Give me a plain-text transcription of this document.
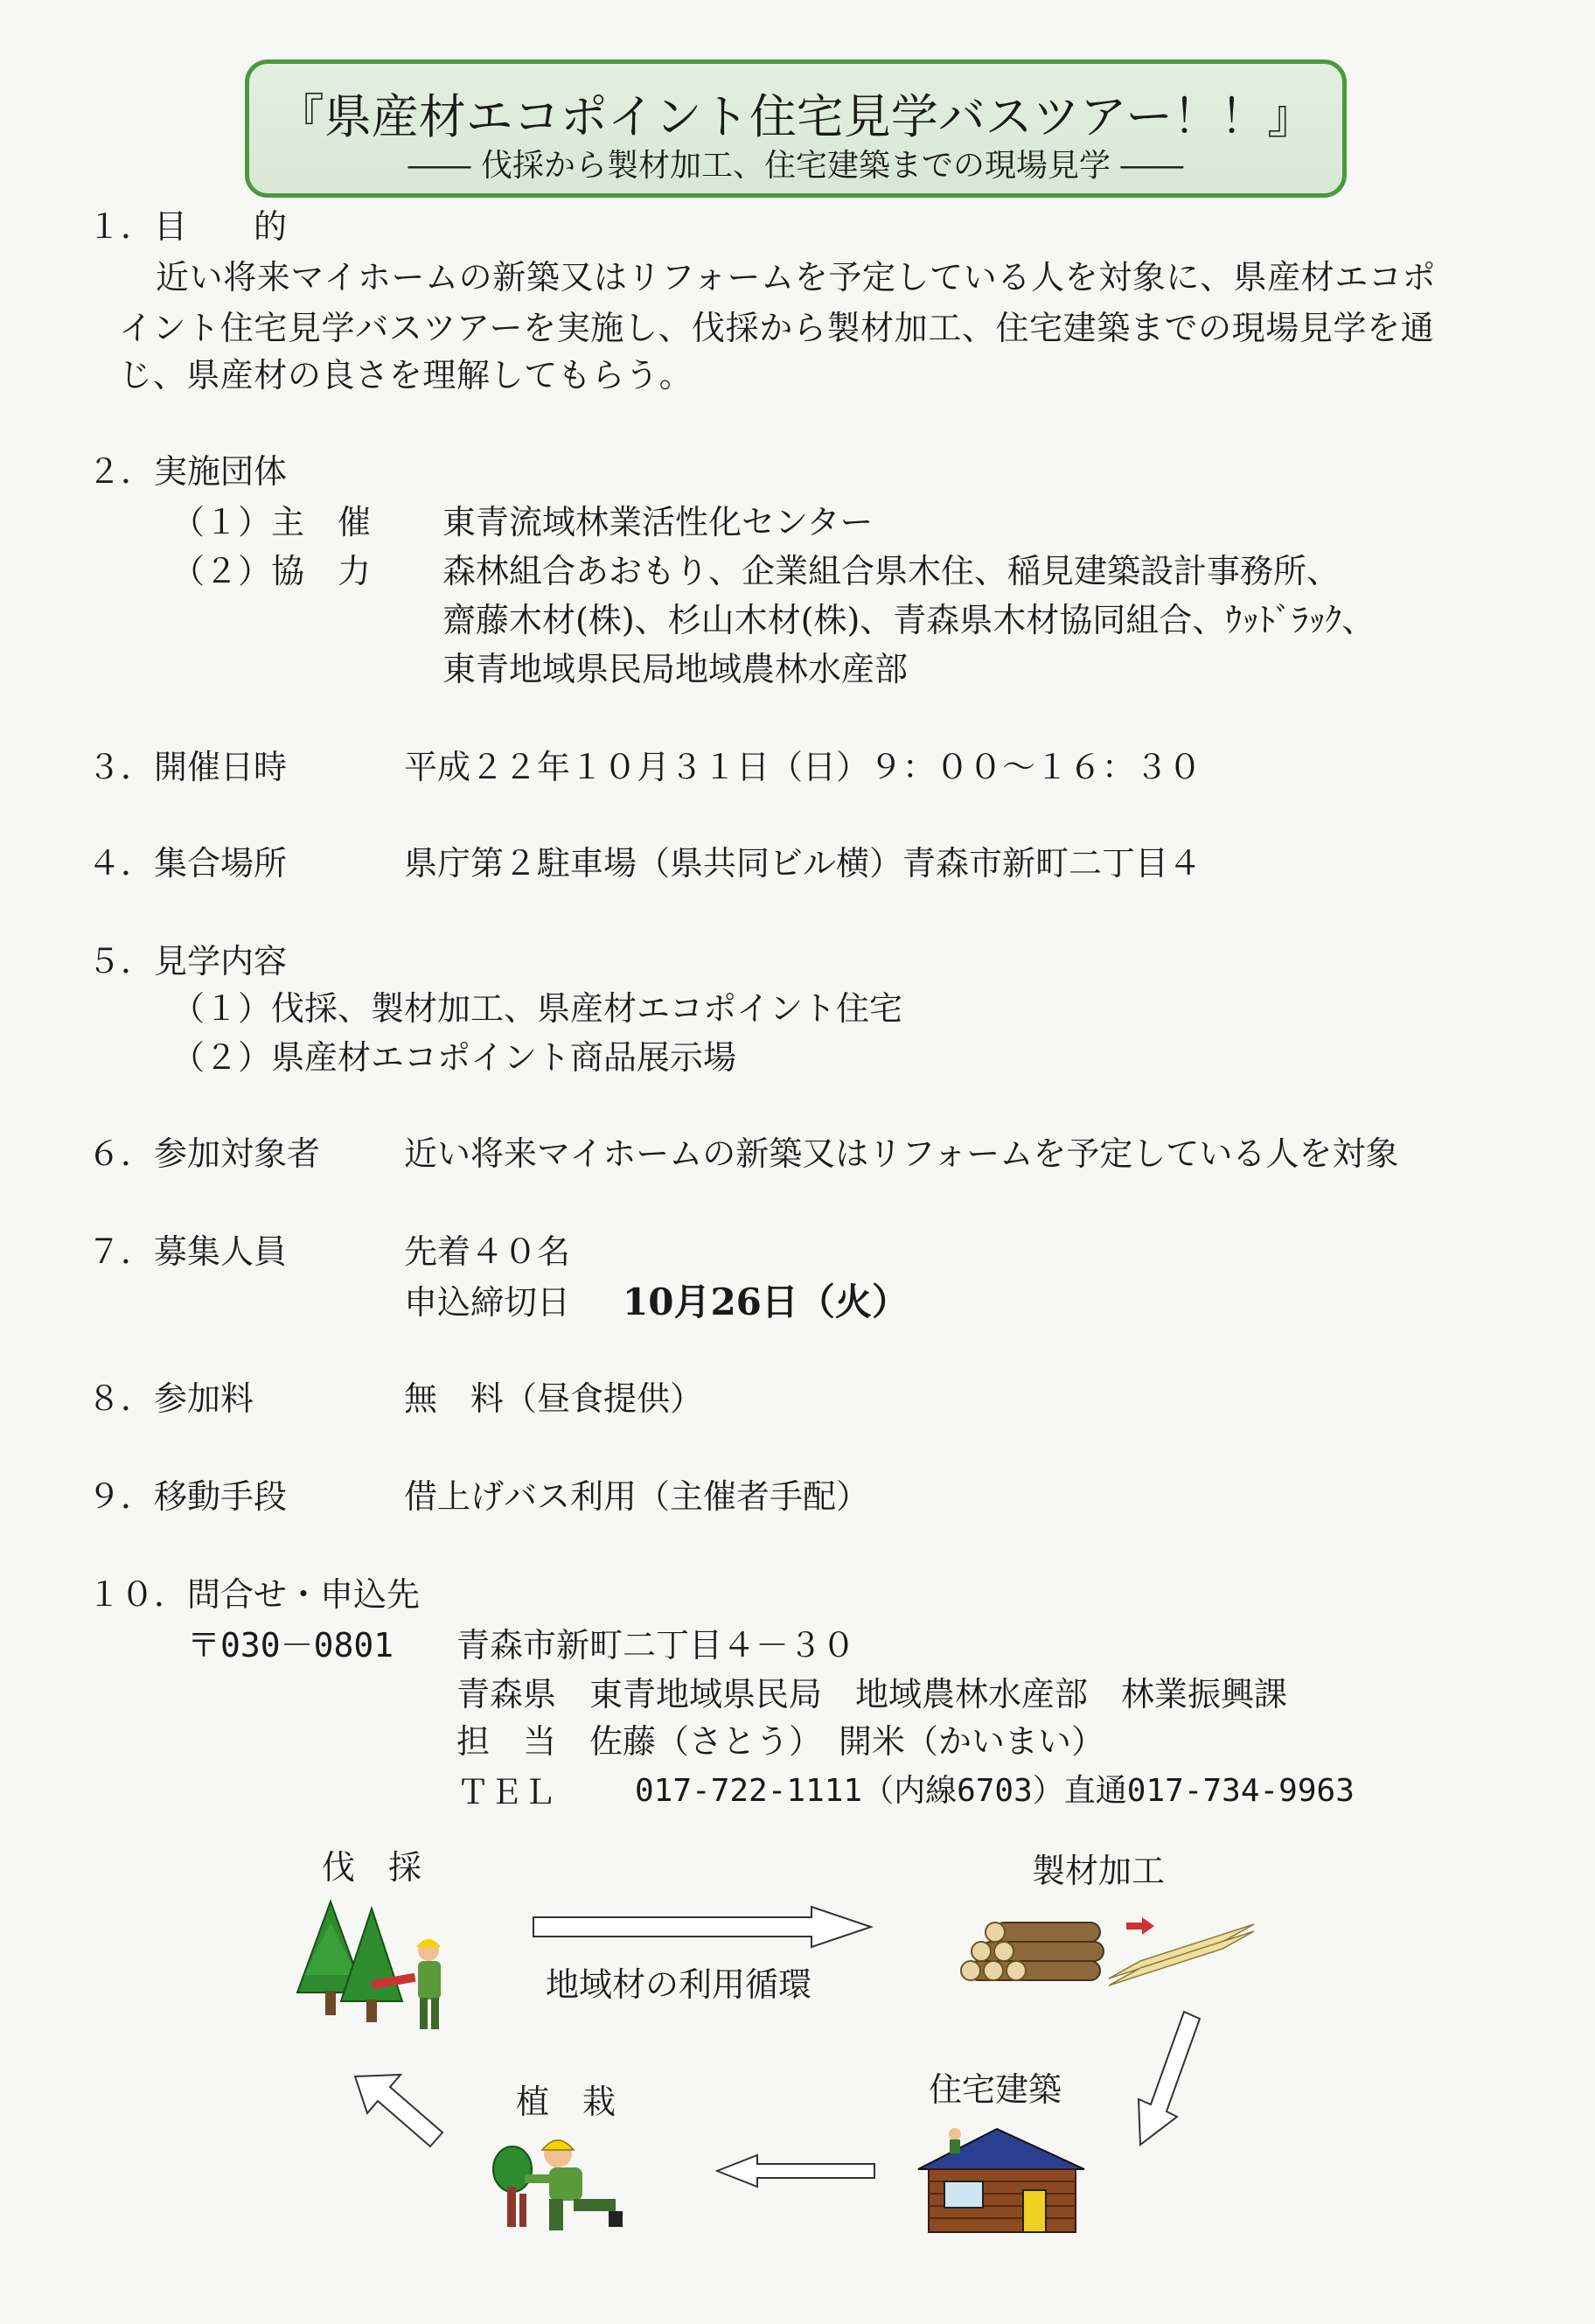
『県産材エコポイント住宅見学バスツアー！！』
―― 伐採から製材加工、住宅建築までの現場見学 ――
１．目　　的
近い将来マイホームの新築又はリフォームを予定している人を対象に、県産材エコポ
イント住宅見学バスツアーを実施し、伐採から製材加工、住宅建築までの現場見学を通
じ、県産材の良さを理解してもらう。
２．実施団体
（１）主　催 東青流域林業活性化センター
（２）協　力 森林組合あおもり、企業組合県木住、稲見建築設計事務所、
齋藤木材(株)、杉山木材(株)、青森県木材協同組合、ｳｯﾄﾞﾗｯｸ、
東青地域県民局地域農林水産部
３．開催日時	平成２２年１０月３１日（日）９：００～１６：３０
４．集合場所	県庁第２駐車場（県共同ビル横）青森市新町二丁目４
５．見学内容
（１）伐採、製材加工、県産材エコポイント住宅
（２）県産材エコポイント商品展示場
６．参加対象者	近い将来マイホームの新築又はリフォームを予定している人を対象
７．募集人員	先着４０名
申込締切日 10月26日（火）
８．参加料	無　料（昼食提供）
９．移動手段	借上げバス利用（主催者手配）
１０．問合せ・申込先
〒030－0801 青森市新町二丁目４－３０
青森県　東青地域県民局　地域農林水産部　林業振興課
担　当　佐藤（さとう）　開米（かいまい）
ＴＥＬ 017-722-1111（内線6703）直通017-734-9963
伐　採	製材加工
地域材の利用循環
植　栽	住宅建築
